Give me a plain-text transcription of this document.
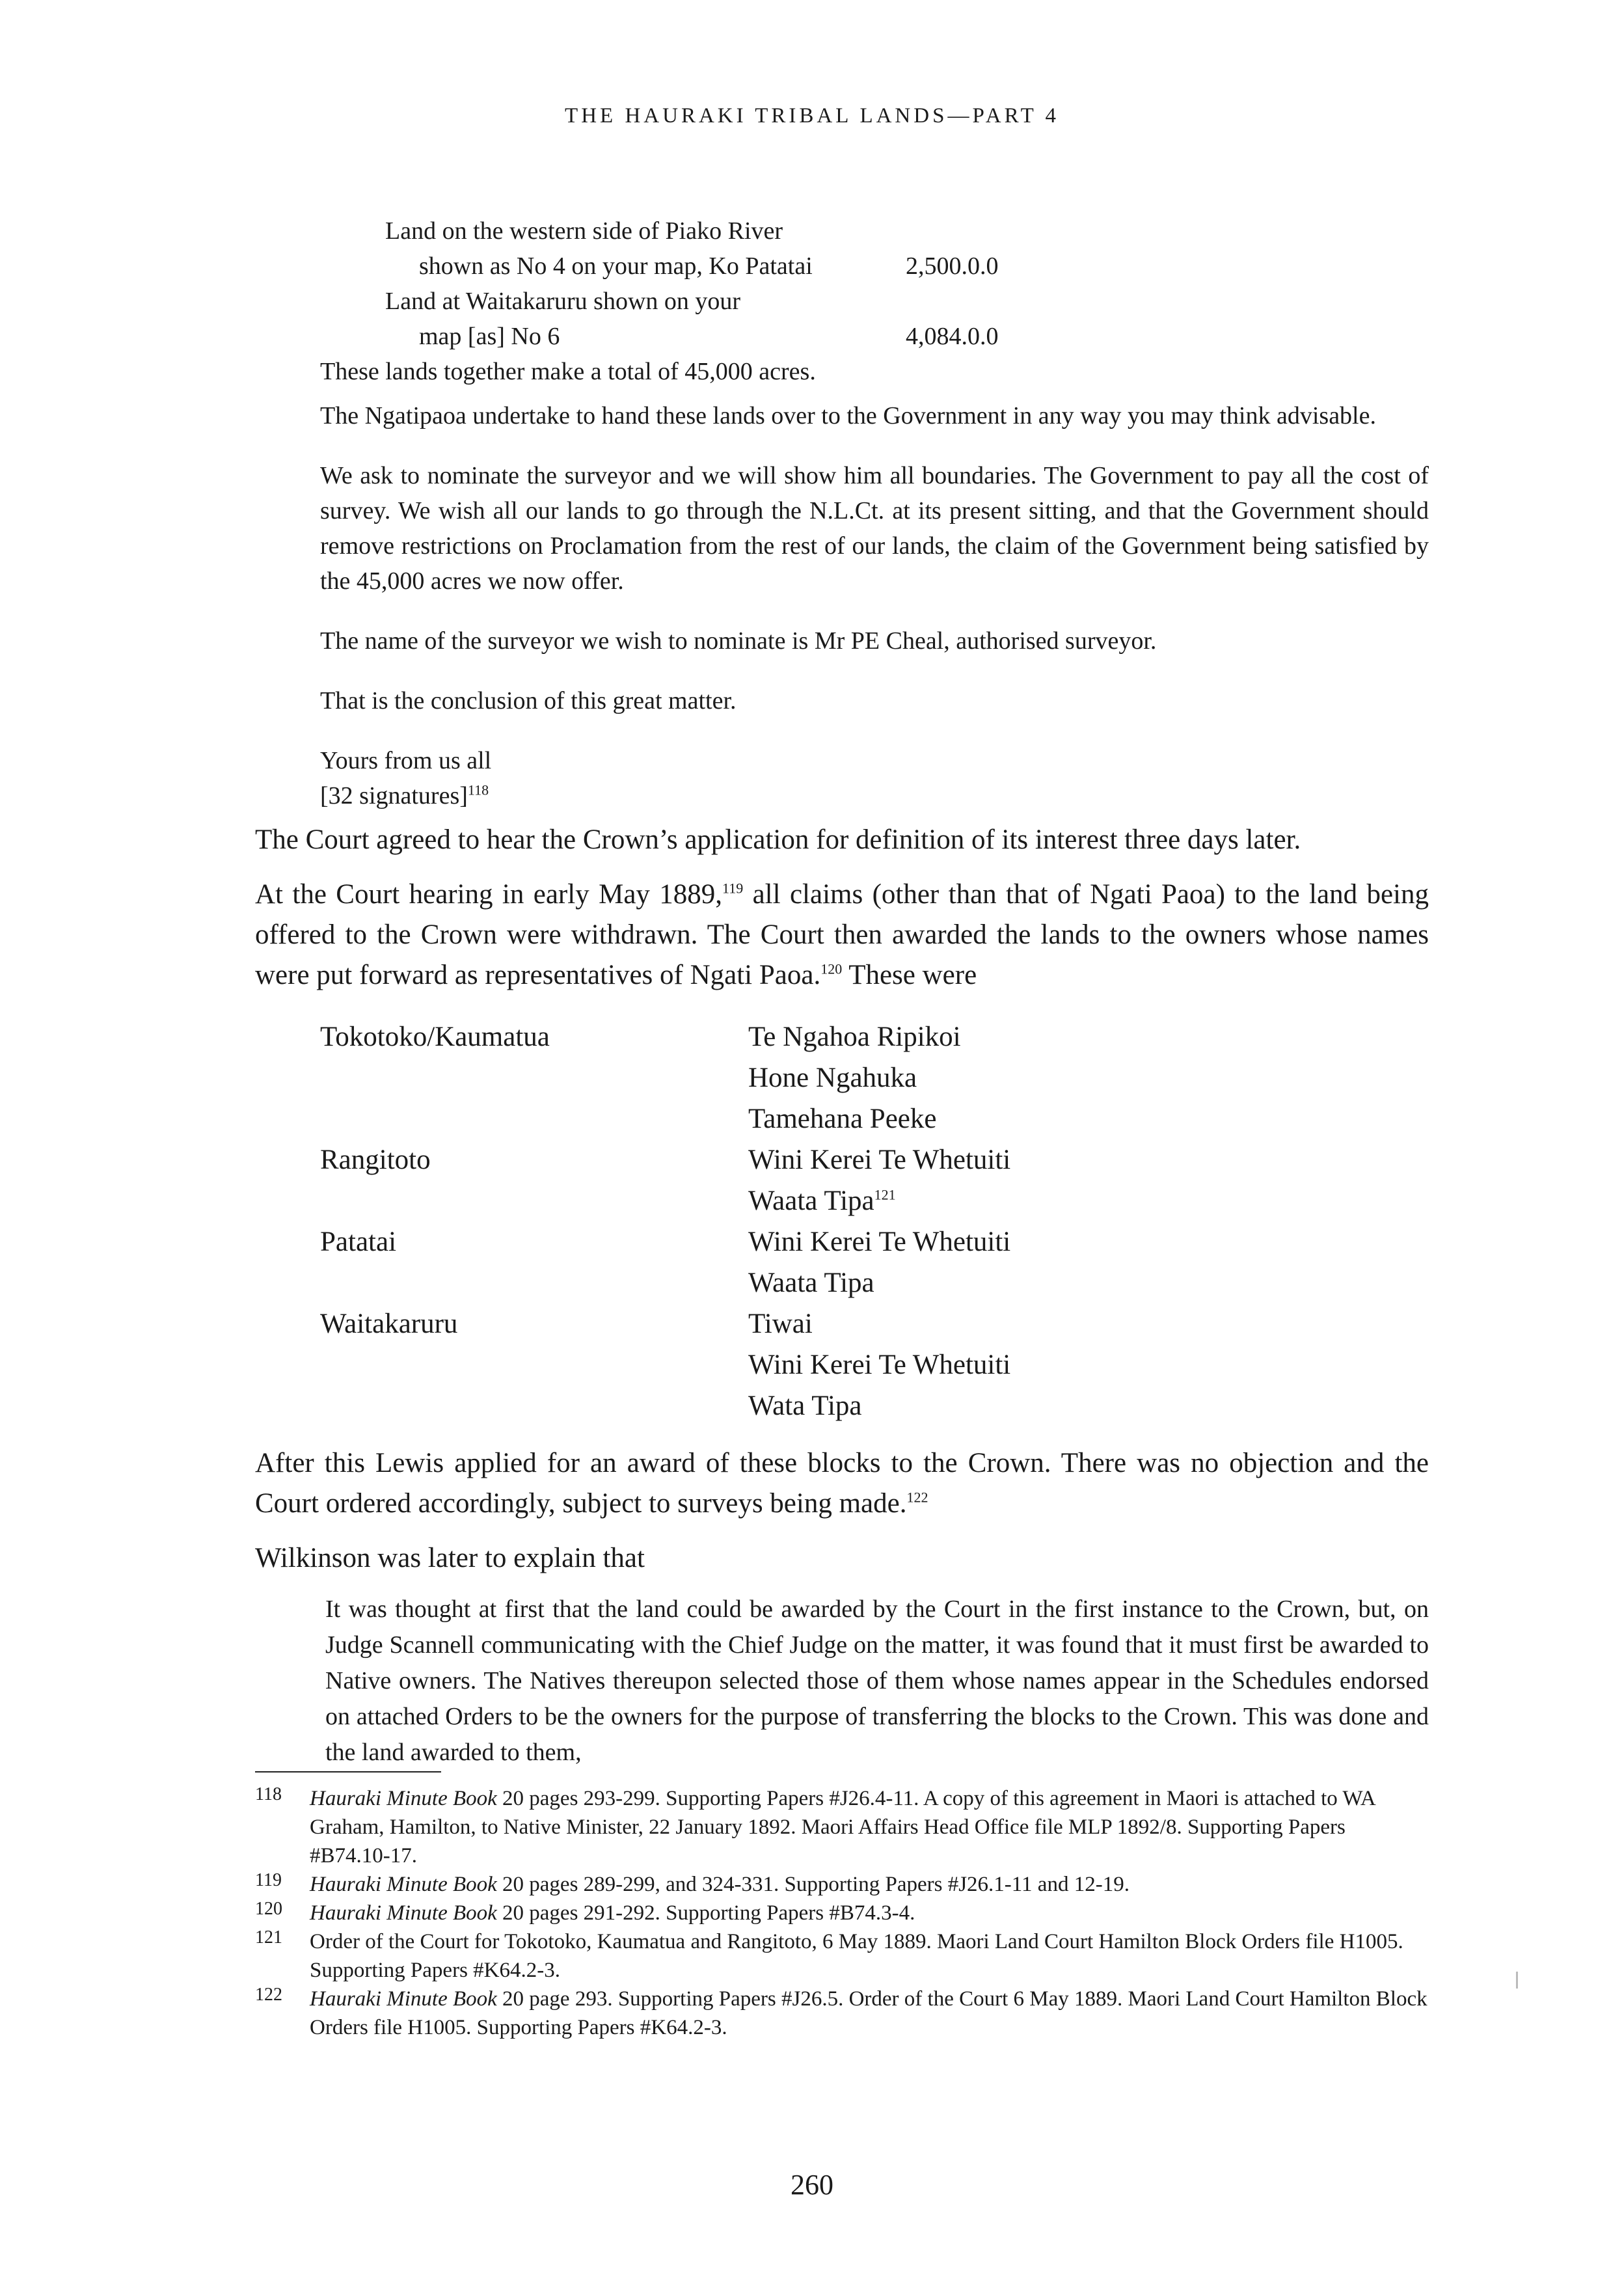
THE HAURAKI TRIBAL LANDS—PART 4
Land on the western side of Piako River
shown as No 4 on your map, Ko Patatai	2,500.0.0
Land at Waitakaruru shown on your
map [as] No 6	4,084.0.0
These lands together make a total of 45,000 acres.

The Ngatipaoa undertake to hand these lands over to the Government in any way you may think advisable.

We ask to nominate the surveyor and we will show him all boundaries. The Government to pay all the cost of survey. We wish all our lands to go through the N.L.Ct. at its present sitting, and that the Government should remove restrictions on Proclamation from the rest of our lands, the claim of the Government being satisfied by the 45,000 acres we now offer.

The name of the surveyor we wish to nominate is Mr PE Cheal, authorised surveyor.

That is the conclusion of this great matter.

Yours from us all
[32 signatures]$^{118}$

The Court agreed to hear the Crown’s application for definition of its interest three days later.

At the Court hearing in early May 1889,$^{119}$ all claims (other than that of Ngati Paoa) to the land being offered to the Crown were withdrawn. The Court then awarded the lands to the owners whose names were put forward as representatives of Ngati Paoa.$^{120}$ These were

Tokotoko/Kaumatua	Te Ngahoa Ripikoi
Hone Ngahuka
Tamehana Peeke
Rangitoto	Wini Kerei Te Whetuiti
Waata Tipa$^{121}$
Patatai	Wini Kerei Te Whetuiti
Waata Tipa
Waitakaruru	Tiwai
Wini Kerei Te Whetuiti
Wata Tipa

After this Lewis applied for an award of these blocks to the Crown. There was no objection and the Court ordered accordingly, subject to surveys being made.$^{122}$

Wilkinson was later to explain that

It was thought at first that the land could be awarded by the Court in the first instance to the Crown, but, on Judge Scannell communicating with the Chief Judge on the matter, it was found that it must first be awarded to Native owners. The Natives thereupon selected those of them whose names appear in the Schedules endorsed on attached Orders to be the owners for the purpose of transferring the blocks to the Crown. This was done and the land awarded to them,

118 Hauraki Minute Book 20 pages 293-299. Supporting Papers #J26.4-11. A copy of this agreement in Maori is attached to WA Graham, Hamilton, to Native Minister, 22 January 1892. Maori Affairs Head Office file MLP 1892/8. Supporting Papers #B74.10-17.
119 Hauraki Minute Book 20 pages 289-299, and 324-331. Supporting Papers #J26.1-11 and 12-19.
120 Hauraki Minute Book 20 pages 291-292. Supporting Papers #B74.3-4.
121 Order of the Court for Tokotoko, Kaumatua and Rangitoto, 6 May 1889. Maori Land Court Hamilton Block Orders file H1005. Supporting Papers #K64.2-3.
122 Hauraki Minute Book 20 page 293. Supporting Papers #J26.5. Order of the Court 6 May 1889. Maori Land Court Hamilton Block Orders file H1005. Supporting Papers #K64.2-3.
260
